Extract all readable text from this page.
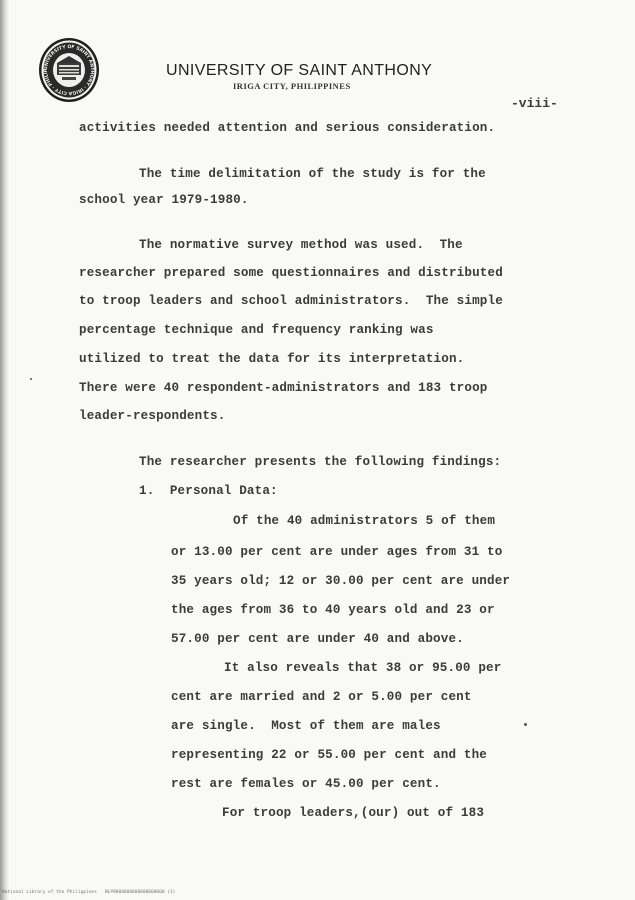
UNIVERSITY OF SAINT ANTHONY · IRIGA CITY · PHILIP	UNIVERSITY OF SAINT ANTHONY
IRIGA CITY, PHILIPPINES
-viii-
activities needed attention and serious consideration.
The time delimitation of the study is for the
school year 1979-1980.
The normative survey method was used.  The
researcher prepared some questionnaires and distributed
to troop leaders and school administrators.  The simple
percentage technique and frequency ranking was
utilized to treat the data for its interpretation.
There were 40 respondent-administrators and 183 troop
leader-respondents.
The researcher presents the following findings:
1.  Personal Data:
Of the 40 administrators 5 of them
or 13.00 per cent are under ages from 31 to
35 years old; 12 or 30.00 per cent are under
the ages from 36 to 40 years old and 23 or
57.00 per cent are under 40 and above.
It also reveals that 38 or 95.00 per
cent are married and 2 or 5.00 per cent
are single.  Most of them are males
representing 22 or 55.00 per cent and the
rest are females or 45.00 per cent.
For troop leaders,(our) out of 183
National Library of the Philippines   NLP0000000000000000000 (1)
